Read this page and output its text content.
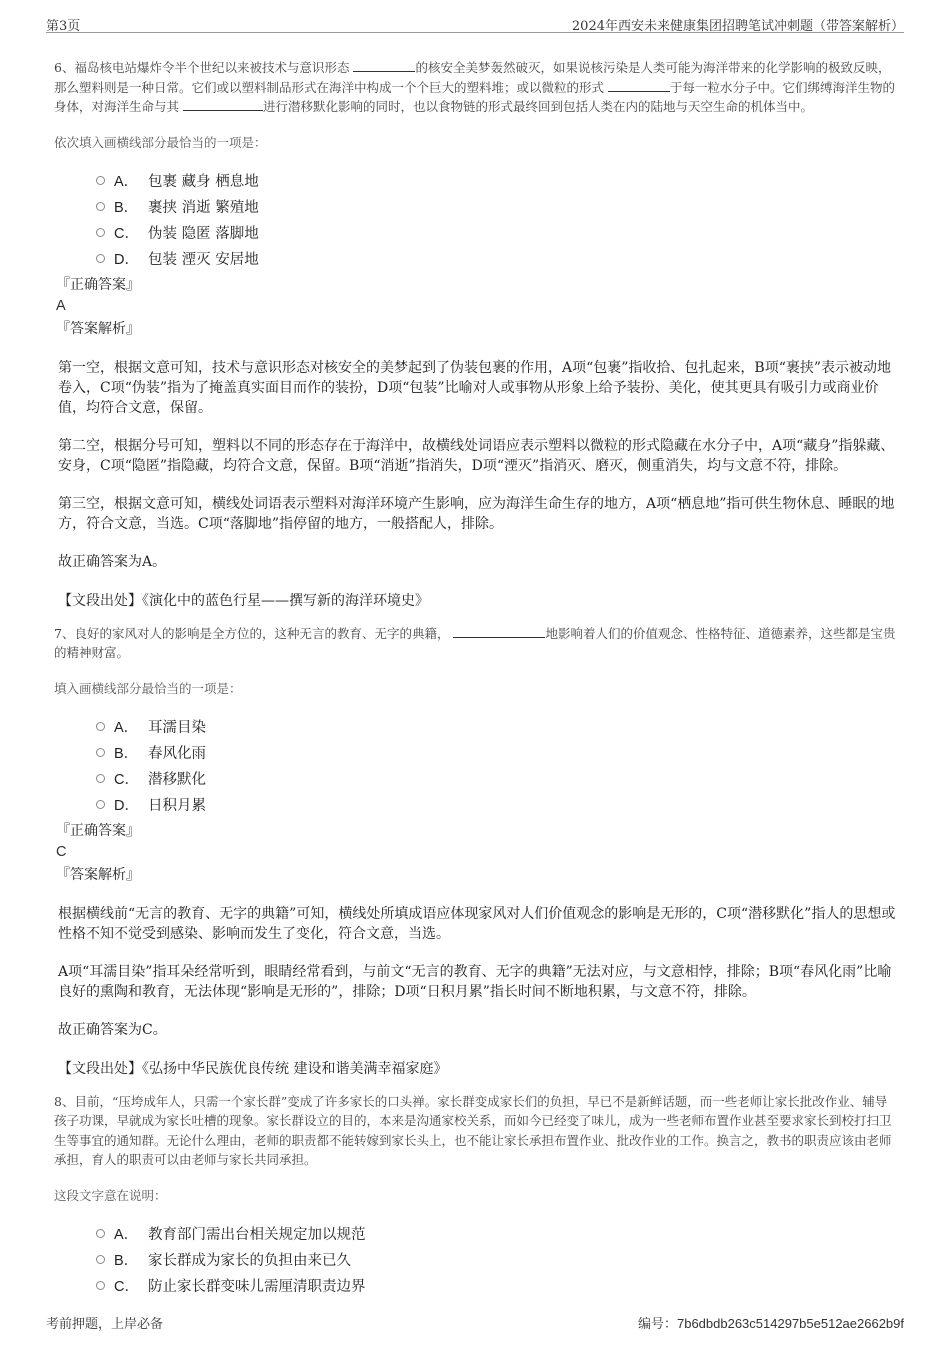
第3页	2024年西安未来健康集团招聘笔试冲刺题（带答案解析）

6、福岛核电站爆炸令半个世纪以来被技术与意识形态	的核安全美梦轰然破灭，如果说核污染是人类可能为海洋带来的化学影响的极致反映，那么塑料则是一种日常。它们或以塑料制品形式在海洋中构成一个个巨大的塑料堆；或以微粒的形式	于每一粒水分子中。它们绑缚海洋生物的身体，对海洋生命与其	进行潜移默化影响的同时，也以食物链的形式最终回到包括人类在内的陆地与天空生命的机体当中。

依次填入画横线部分最恰当的一项是：

A． 包裹 藏身 栖息地
B． 裹挟 消逝 繁殖地
C． 伪装 隐匿 落脚地
D． 包装 湮灭 安居地
『正确答案』
A
『答案解析』

第一空，根据文意可知，技术与意识形态对核安全的美梦起到了伪装包裹的作用，A项“包裹”指收拾、包扎起来，B项“裹挟”表示被动地卷入，C项“伪装”指为了掩盖真实面目而作的装扮，D项“包装”比喻对人或事物从形象上给予装扮、美化，使其更具有吸引力或商业价值，均符合文意，保留。

第二空，根据分号可知，塑料以不同的形态存在于海洋中，故横线处词语应表示塑料以微粒的形式隐藏在水分子中，A项“藏身”指躲藏、安身，C项“隐匿”指隐藏，均符合文意，保留。B项“消逝”指消失，D项“湮灭”指消灭、磨灭，侧重消失，均与文意不符，排除。

第三空，根据文意可知，横线处词语表示塑料对海洋环境产生影响，应为海洋生命生存的地方，A项“栖息地”指可供生物休息、睡眠的地方，符合文意，当选。C项“落脚地”指停留的地方，一般搭配人，排除。

故正确答案为A。

【文段出处】《演化中的蓝色行星——撰写新的海洋环境史》

7、良好的家风对人的影响是全方位的，这种无言的教育、无字的典籍，	地影响着人们的价值观念、性格特征、道德素养，这些都是宝贵的精神财富。

填入画横线部分最恰当的一项是：

A． 耳濡目染
B． 春风化雨
C． 潜移默化
D． 日积月累
『正确答案』
C
『答案解析』

根据横线前“无言的教育、无字的典籍”可知，横线处所填成语应体现家风对人们价值观念的影响是无形的，C项“潜移默化”指人的思想或性格不知不觉受到感染、影响而发生了变化，符合文意，当选。

A项“耳濡目染”指耳朵经常听到，眼睛经常看到，与前文“无言的教育、无字的典籍”无法对应，与文意相悖，排除；B项“春风化雨”比喻良好的熏陶和教育，无法体现“影响是无形的”，排除；D项“日积月累”指长时间不断地积累，与文意不符，排除。

故正确答案为C。

【文段出处】《弘扬中华民族优良传统 建设和谐美满幸福家庭》

8、目前，“压垮成年人，只需一个家长群”变成了许多家长的口头禅。家长群变成家长们的负担，早已不是新鲜话题，而一些老师让家长批改作业、辅导孩子功课，早就成为家长吐槽的现象。家长群设立的目的，本来是沟通家校关系，而如今已经变了味儿，成为一些老师布置作业甚至要求家长到校打扫卫生等事宜的通知群。无论什么理由，老师的职责都不能转嫁到家长头上，也不能让家长承担布置作业、批改作业的工作。换言之，教书的职责应该由老师承担，育人的职责可以由老师与家长共同承担。

这段文字意在说明：

A． 教育部门需出台相关规定加以规范
B． 家长群成为家长的负担由来已久
C． 防止家长群变味儿需厘清职责边界
考前押题，上岸必备	编号：7b6dbdb263c514297b5e512ae2662b9f
